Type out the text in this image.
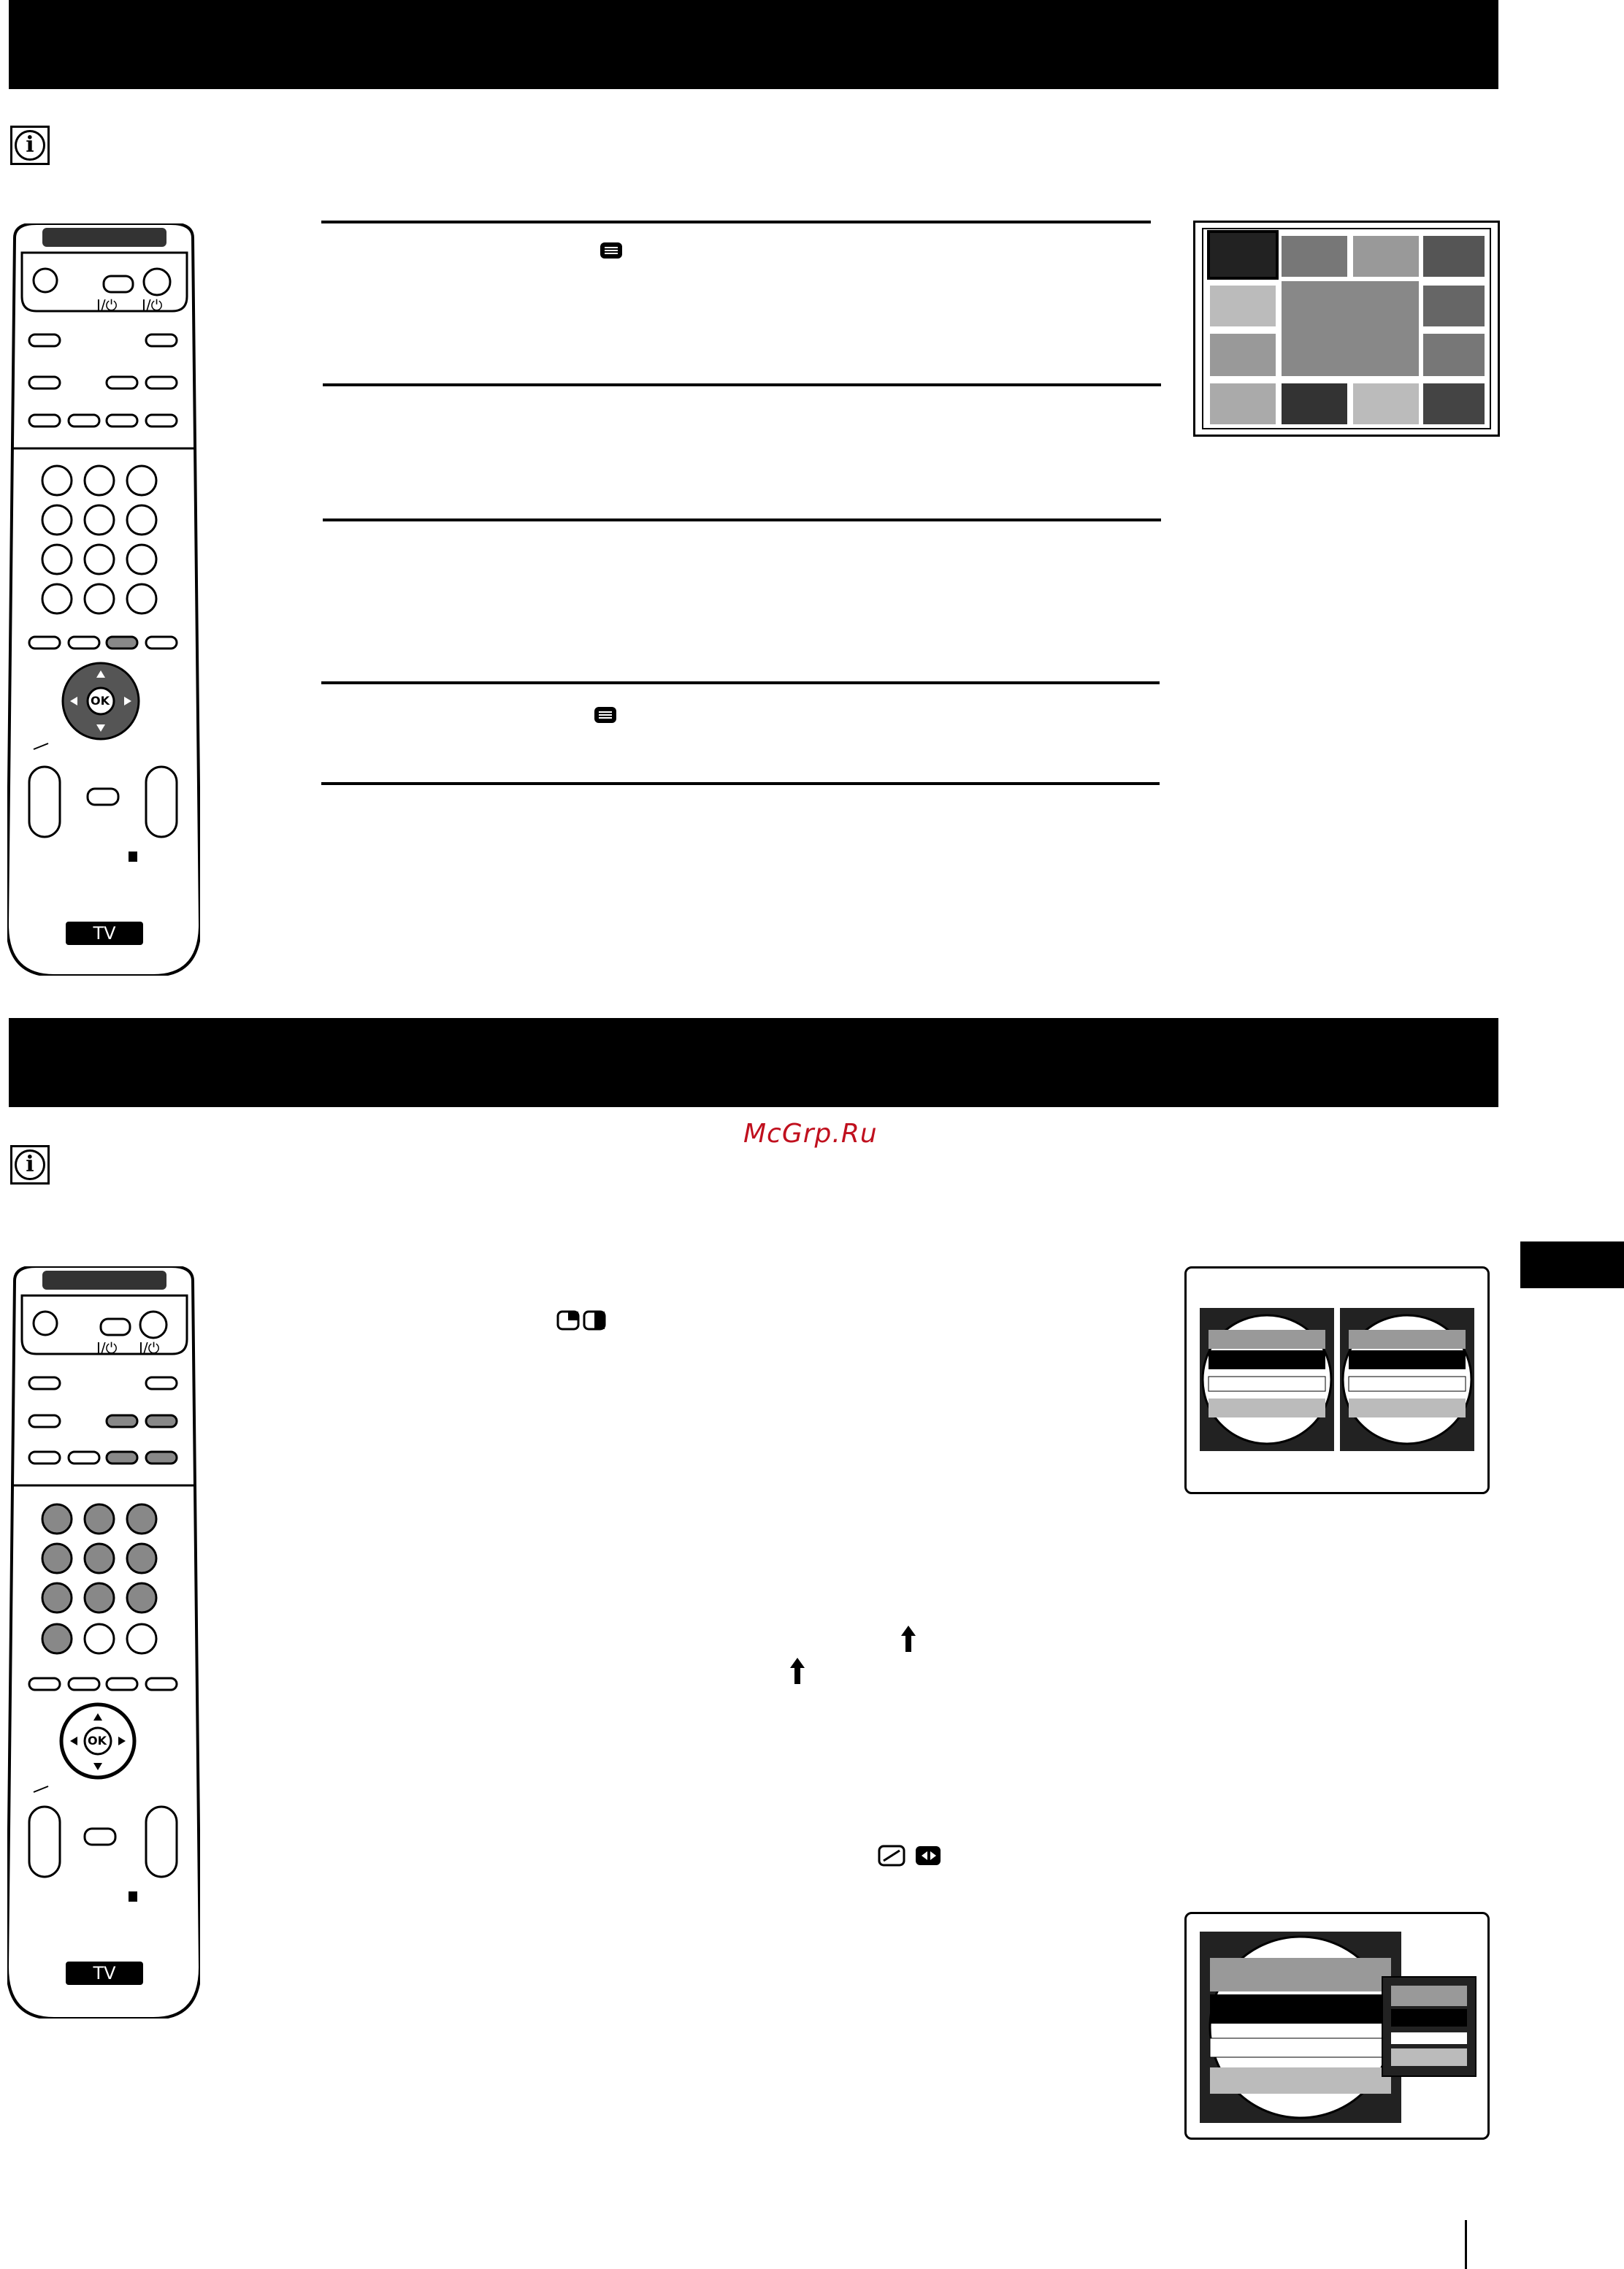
i
I/⏻ I/⏻
OK
TV
McGrp.Ru
i
I/⏻ I/⏻
OK
TV
